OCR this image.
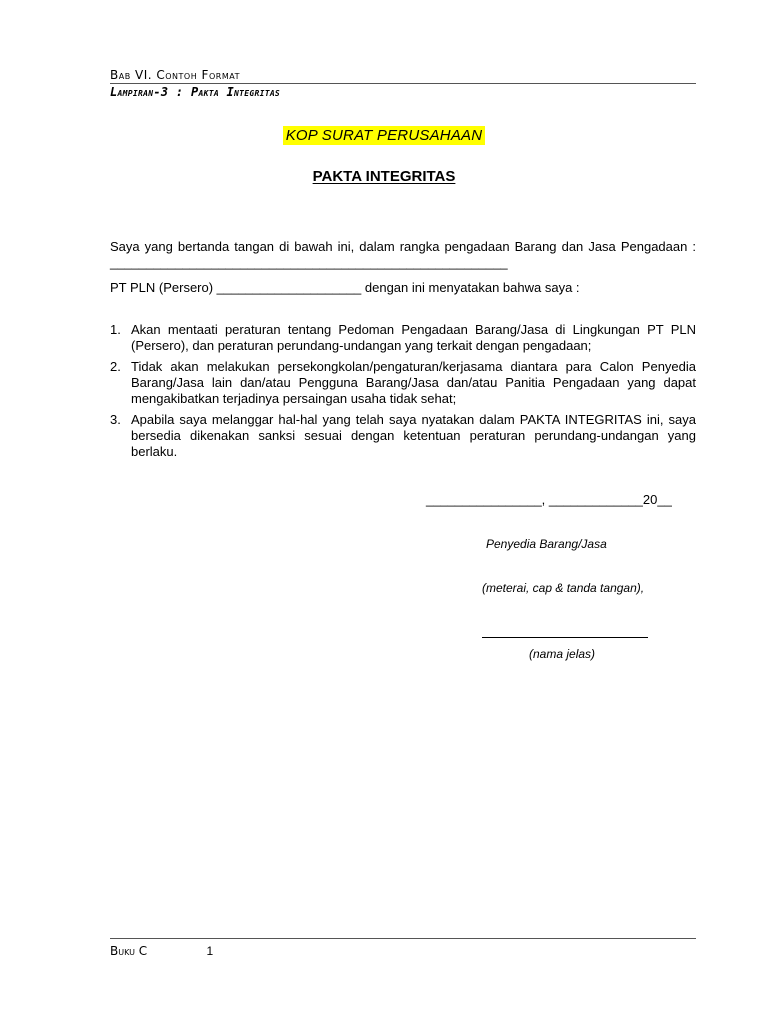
Bab VI. Contoh Format
Lampiran-3 : Pakta Integritas
KOP SURAT PERUSAHAAN
PAKTA INTEGRITAS

Saya yang bertanda tangan di bawah ini, dalam rangka pengadaan Barang dan Jasa Pengadaan : _______________________________________________________

PT PLN (Persero) ____________________ dengan ini menyatakan bahwa saya :

1. Akan mentaati peraturan tentang Pedoman Pengadaan Barang/Jasa di Lingkungan PT PLN (Persero), dan peraturan perundang-undangan yang terkait dengan pengadaan;
2. Tidak akan melakukan persekongkolan/pengaturan/kerjasama diantara para Calon Penyedia Barang/Jasa lain dan/atau Pengguna Barang/Jasa dan/atau Panitia Pengadaan yang dapat mengakibatkan terjadinya persaingan usaha tidak sehat;
3. Apabila saya melanggar hal-hal yang telah saya nyatakan dalam PAKTA INTEGRITAS ini, saya bersedia dikenakan sanksi sesuai dengan ketentuan peraturan perundang-undangan yang berlaku.
________________, _____________20__
Penyedia Barang/Jasa
(meterai, cap & tanda tangan),
(nama jelas)
Buku C	1
